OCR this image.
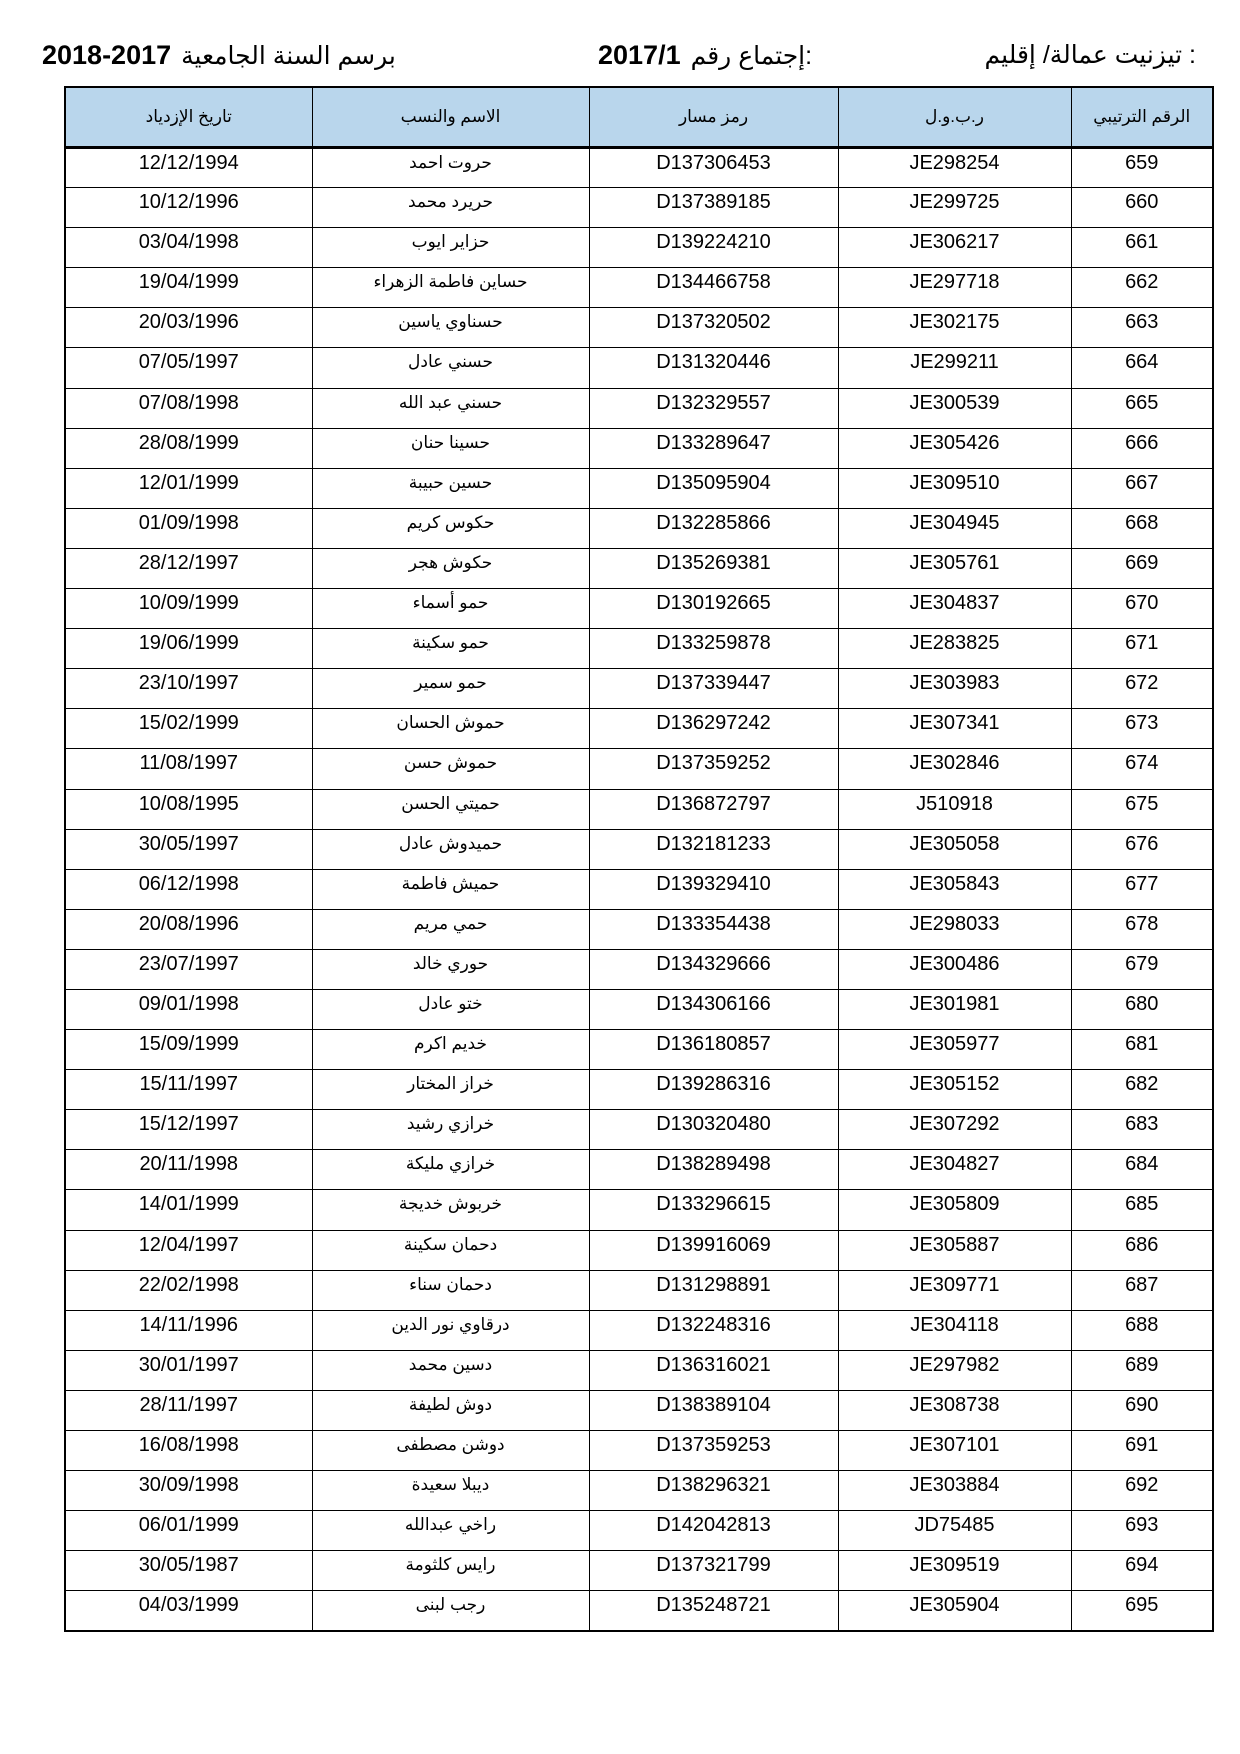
2018-2017 برسم السنة الجامعية	2017/1 إجتماع رقم:	تيزنيت عمالة/ إقليم :
تاريخ الإزدياد	الاسم والنسب	رمز مسار	ر.ب.و.ل	الرقم الترتيبي
12/12/1994	حروت احمد	D137306453	JE298254	659
10/12/1996	حريرد محمد	D137389185	JE299725	660
03/04/1998	حزاير ايوب	D139224210	JE306217	661
19/04/1999	حساين فاطمة الزهراء	D134466758	JE297718	662
20/03/1996	حسناوي ياسين	D137320502	JE302175	663
07/05/1997	حسني عادل	D131320446	JE299211	664
07/08/1998	حسني عبد الله	D132329557	JE300539	665
28/08/1999	حسينا حنان	D133289647	JE305426	666
12/01/1999	حسين حبيبة	D135095904	JE309510	667
01/09/1998	حكوس كريم	D132285866	JE304945	668
28/12/1997	حكوش هجر	D135269381	JE305761	669
10/09/1999	حمو أسماء	D130192665	JE304837	670
19/06/1999	حمو سكينة	D133259878	JE283825	671
23/10/1997	حمو سمير	D137339447	JE303983	672
15/02/1999	حموش الحسان	D136297242	JE307341	673
11/08/1997	حموش حسن	D137359252	JE302846	674
10/08/1995	حميتي الحسن	D136872797	J510918	675
30/05/1997	حميدوش عادل	D132181233	JE305058	676
06/12/1998	حميش فاطمة	D139329410	JE305843	677
20/08/1996	حمي مريم	D133354438	JE298033	678
23/07/1997	حوري خالد	D134329666	JE300486	679
09/01/1998	ختو عادل	D134306166	JE301981	680
15/09/1999	خديم اكرم	D136180857	JE305977	681
15/11/1997	خراز المختار	D139286316	JE305152	682
15/12/1997	خرازي رشيد	D130320480	JE307292	683
20/11/1998	خرازي مليكة	D138289498	JE304827	684
14/01/1999	خربوش خديجة	D133296615	JE305809	685
12/04/1997	دحمان سكينة	D139916069	JE305887	686
22/02/1998	دحمان سناء	D131298891	JE309771	687
14/11/1996	درقاوي نور الدين	D132248316	JE304118	688
30/01/1997	دسين محمد	D136316021	JE297982	689
28/11/1997	دوش لطيفة	D138389104	JE308738	690
16/08/1998	دوشن مصطفى	D137359253	JE307101	691
30/09/1998	ديبلا سعيدة	D138296321	JE303884	692
06/01/1999	راخي عبدالله	D142042813	JD75485	693
30/05/1987	رايس كلثومة	D137321799	JE309519	694
04/03/1999	رجب لبنى	D135248721	JE305904	695
